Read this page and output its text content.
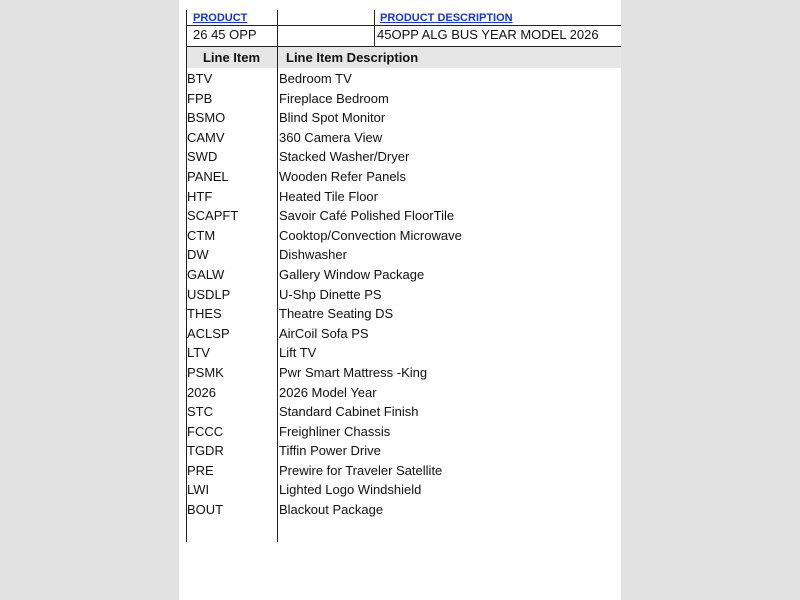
PRODUCT	PRODUCT DESCRIPTION
26 45 OPP	45OPP ALG BUS YEAR MODEL 2026
Line Item	Line Item Description
BTV	Bedroom TV
FPB	Fireplace Bedroom
BSMO	Blind Spot Monitor
CAMV	360 Camera View
SWD	Stacked Washer/Dryer
PANEL	Wooden Refer Panels
HTF	Heated Tile Floor
SCAPFT	Savoir Café Polished FloorTile
CTM	Cooktop/Convection Microwave
DW	Dishwasher
GALW	Gallery Window Package
USDLP	U-Shp Dinette PS
THES	Theatre Seating DS
ACLSP	AirCoil Sofa PS
LTV	Lift TV
PSMK	Pwr Smart Mattress -King
2026	2026 Model Year
STC	Standard Cabinet Finish
FCCC	Freighliner Chassis
TGDR	Tiffin Power Drive
PRE	Prewire for Traveler Satellite
LWI	Lighted Logo Windshield
BOUT	Blackout Package
